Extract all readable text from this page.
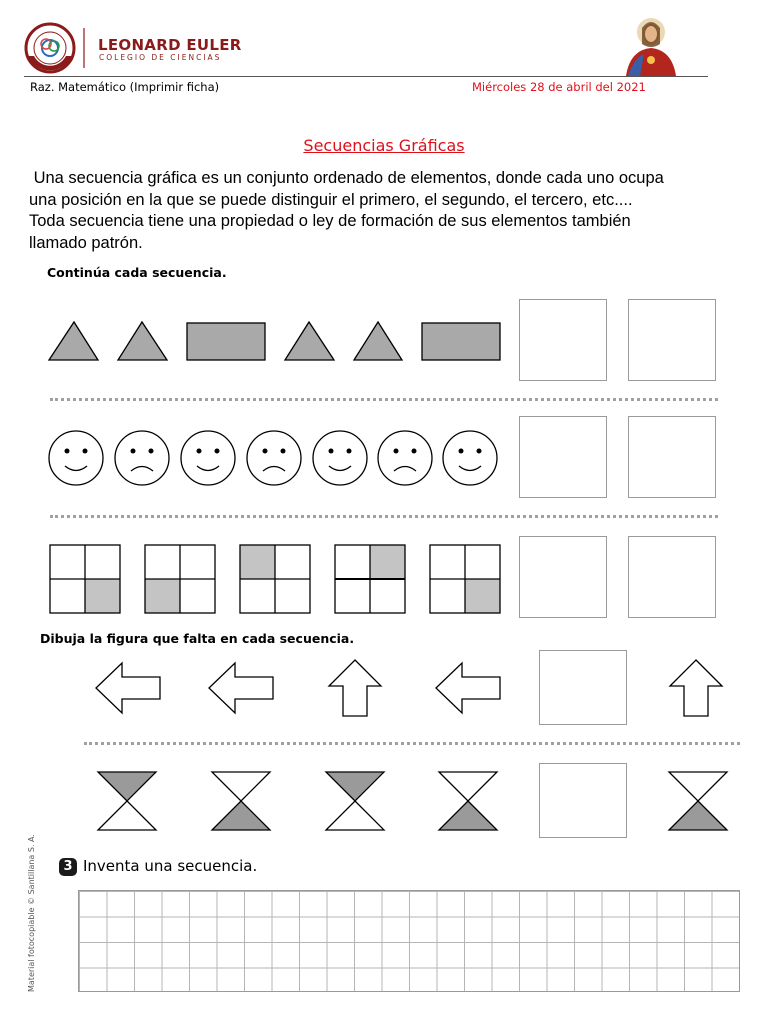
LEONARD EULER
COLEGIO DE CIENCIAS
Raz. Matemático (Imprimir ficha)	Miércoles 28 de abril del 2021
Secuencias Gráficas
Una secuencia gráfica es un conjunto ordenado de elementos, donde cada uno ocupa
una posición en la que se puede distinguir el primero, el segundo, el tercero, etc....
Toda secuencia tiene una propiedad o ley de formación de sus elementos también
llamado patrón.
Continúa cada secuencia.
Dibuja la figura que falta en cada secuencia.
3 Inventa una secuencia.
Material fotocopiable © Santillana S. A.
